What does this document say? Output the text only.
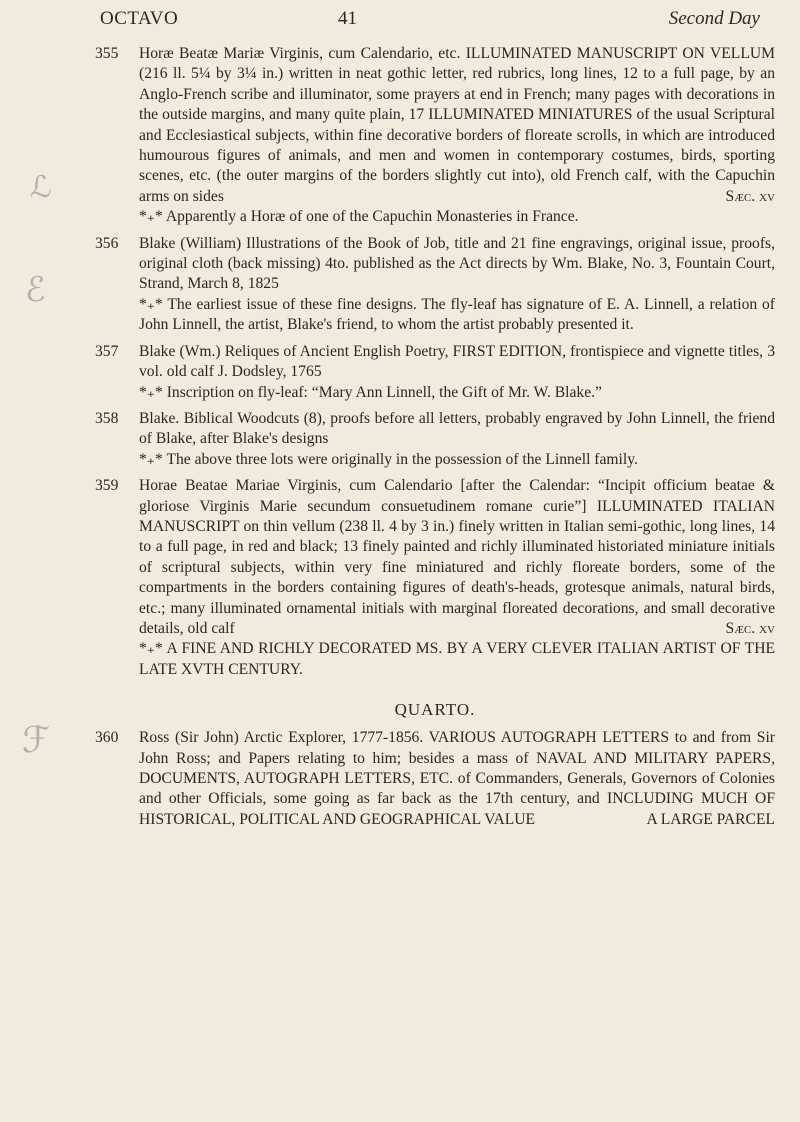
OCTAVO	41	Second Day
ℒ
ℰ
ℱ
355	Horæ Beatæ Mariæ Virginis, cum Calendario, etc. ILLUMINATED MANUSCRIPT ON VELLUM (216 ll. 5¼ by 3¼ in.) written in neat gothic letter, red rubrics, long lines, 12 to a full page, by an Anglo-French scribe and illuminator, some prayers at end in French; many pages with decorations in the outside margins, and many quite plain, 17 ILLUMINATED MINIATURES of the usual Scriptural and Ecclesiastical subjects, within fine decorative borders of floreate scrolls, in which are introduced humourous figures of animals, and men and women in contemporary costumes, birds, sporting scenes, etc. (the outer margins of the borders slightly cut into), old French calf, with the Capuchin arms on sides	Sæc. xv
*₊* Apparently a Horæ of one of the Capuchin Monasteries in France.
356	Blake (William) Illustrations of the Book of Job, title and 21 fine engravings, original issue, proofs, original cloth (back missing) 4to. published as the Act directs by Wm. Blake, No. 3, Fountain Court, Strand, March 8, 1825
*₊* The earliest issue of these fine designs. The fly-leaf has signature of E. A. Linnell, a relation of John Linnell, the artist, Blake's friend, to whom the artist probably presented it.
357	Blake (Wm.) Reliques of Ancient English Poetry, FIRST EDITION, frontispiece and vignette titles, 3 vol. old calf J. Dodsley, 1765
*₊* Inscription on fly-leaf: “Mary Ann Linnell, the Gift of Mr. W. Blake.”
358	Blake. Biblical Woodcuts (8), proofs before all letters, probably engraved by John Linnell, the friend of Blake, after Blake's designs
*₊* The above three lots were originally in the possession of the Linnell family.
359	Horae Beatae Mariae Virginis, cum Calendario [after the Calendar: “Incipit officium beatae & gloriose Virginis Marie secundum consuetudinem romane curie”] ILLUMINATED ITALIAN MANUSCRIPT on thin vellum (238 ll. 4 by 3 in.) finely written in Italian semi-gothic, long lines, 14 to a full page, in red and black; 13 finely painted and richly illuminated historiated miniature initials of scriptural subjects, within very fine miniatured and richly floreate borders, some of the compartments in the borders containing figures of death's-heads, grotesque animals, natural birds, etc.; many illuminated ornamental initials with marginal floreated decorations, and small decorative details, old calf	Sæc. xv
*₊* A FINE AND RICHLY DECORATED MS. BY A VERY CLEVER ITALIAN ARTIST OF THE LATE XVTH CENTURY.
QUARTO.
360	Ross (Sir John) Arctic Explorer, 1777-1856. VARIOUS AUTOGRAPH LETTERS to and from Sir John Ross; and Papers relating to him; besides a mass of NAVAL AND MILITARY PAPERS, DOCUMENTS, AUTOGRAPH LETTERS, ETC. of Commanders, Generals, Governors of Colonies and other Officials, some going as far back as the 17th century, and INCLUDING MUCH OF HISTORICAL, POLITICAL AND GEOGRAPHICAL VALUE	A LARGE PARCEL
